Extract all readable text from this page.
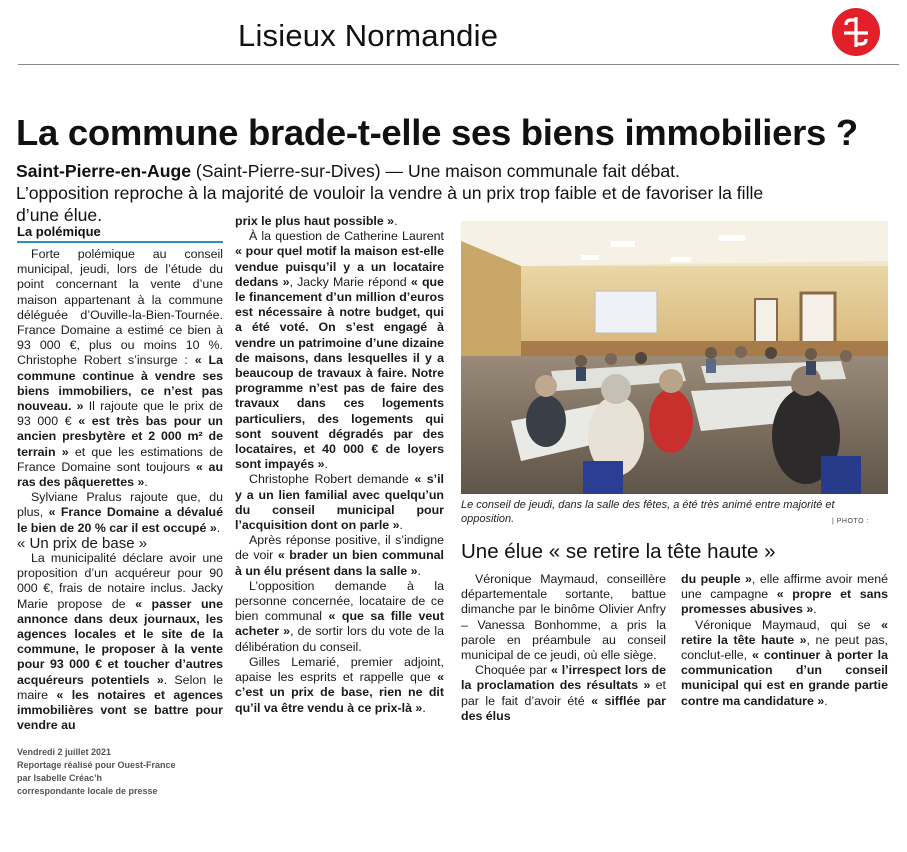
Lisieux Normandie
La commune brade-t-elle ses biens immobiliers ?
Saint-Pierre-en-Auge (Saint-Pierre-sur-Dives) — Une maison communale fait débat. L’opposition reproche à la majorité de vouloir la vendre à un prix trop faible et de favoriser la fille d’une élue.
La polémique

Forte polémique au conseil municipal, jeudi, lors de l’étude du point concernant la vente d’une maison appartenant à la commune déléguée d’Ouville-la-Bien-Tournée. France Domaine a estimé ce bien à 93 000 €, plus ou moins 10 %. Christophe Robert s’insurge : « La commune continue à vendre ses biens immobiliers, ce n’est pas nouveau. » Il rajoute que le prix de 93 000 € « est très bas pour un ancien presbytère et 2 000 m² de terrain » et que les estimations de France Domaine sont toujours « au ras des pâquerettes ».

Sylviane Pralus rajoute que, du plus, « France Domaine a dévalué le bien de 20 % car il est occupé ».

« Un prix de base »

La municipalité déclare avoir une proposition d’un acquéreur pour 90 000 €, frais de notaire inclus. Jacky Marie propose de « passer une annonce dans deux journaux, les agences locales et le site de la commune, le proposer à la vente pour 93 000 € et toucher d’autres acquéreurs potentiels ». Selon le maire « les notaires et agences immobilières vont se battre pour vendre au

prix le plus haut possible ».

À la question de Catherine Laurent « pour quel motif la maison est-elle vendue puisqu’il y a un locataire dedans », Jacky Marie répond « que le financement d’un million d’euros est nécessaire à notre budget, qui a été voté. On s’est engagé à vendre un patrimoine d’une dizaine de maisons, dans lesquelles il y a beaucoup de travaux à faire. Notre programme n’est pas de faire des travaux dans ces logements particuliers, des logements qui sont souvent dégradés par des locataires, et 40 000 € de loyers sont impayés ».

Christophe Robert demande « s’il y a un lien familial avec quelqu’un du conseil municipal pour l’acquisition dont on parle ».

Après réponse positive, il s’indigne de voir « brader un bien communal à un élu présent dans la salle ».

L’opposition demande à la personne concernée, locataire de ce bien communal « que sa fille veut acheter », de sortir lors du vote de la délibération du conseil.

Gilles Lemarié, premier adjoint, apaise les esprits et rappelle que « c’est un prix de base, rien ne dit qu’il va être vendu à ce prix-là ».

Le conseil de jeudi, dans la salle des fêtes, a été très animé entre majorité et opposition.	| PHOTO :
Une élue « se retire la tête haute »

Véronique Maymaud, conseillère départementale sortante, battue dimanche par le binôme Olivier Anfry – Vanessa Bonhomme, a pris la parole en préambule au conseil municipal de ce jeudi, où elle siège.

Choquée par « l’irrespect lors de la proclamation des résultats » et par le fait d’avoir été « sifflée par des élus

du peuple », elle affirme avoir mené une campagne « propre et sans promesses abusives ».

Véronique Maymaud, qui se « retire la tête haute », ne peut pas, conclut-elle, « continuer à porter la communication d’un conseil municipal qui est en grande partie contre ma candidature ».

Vendredi 2 juillet 2021
Reportage réalisé pour Ouest-France
par Isabelle Créac’h
correspondante locale de presse
